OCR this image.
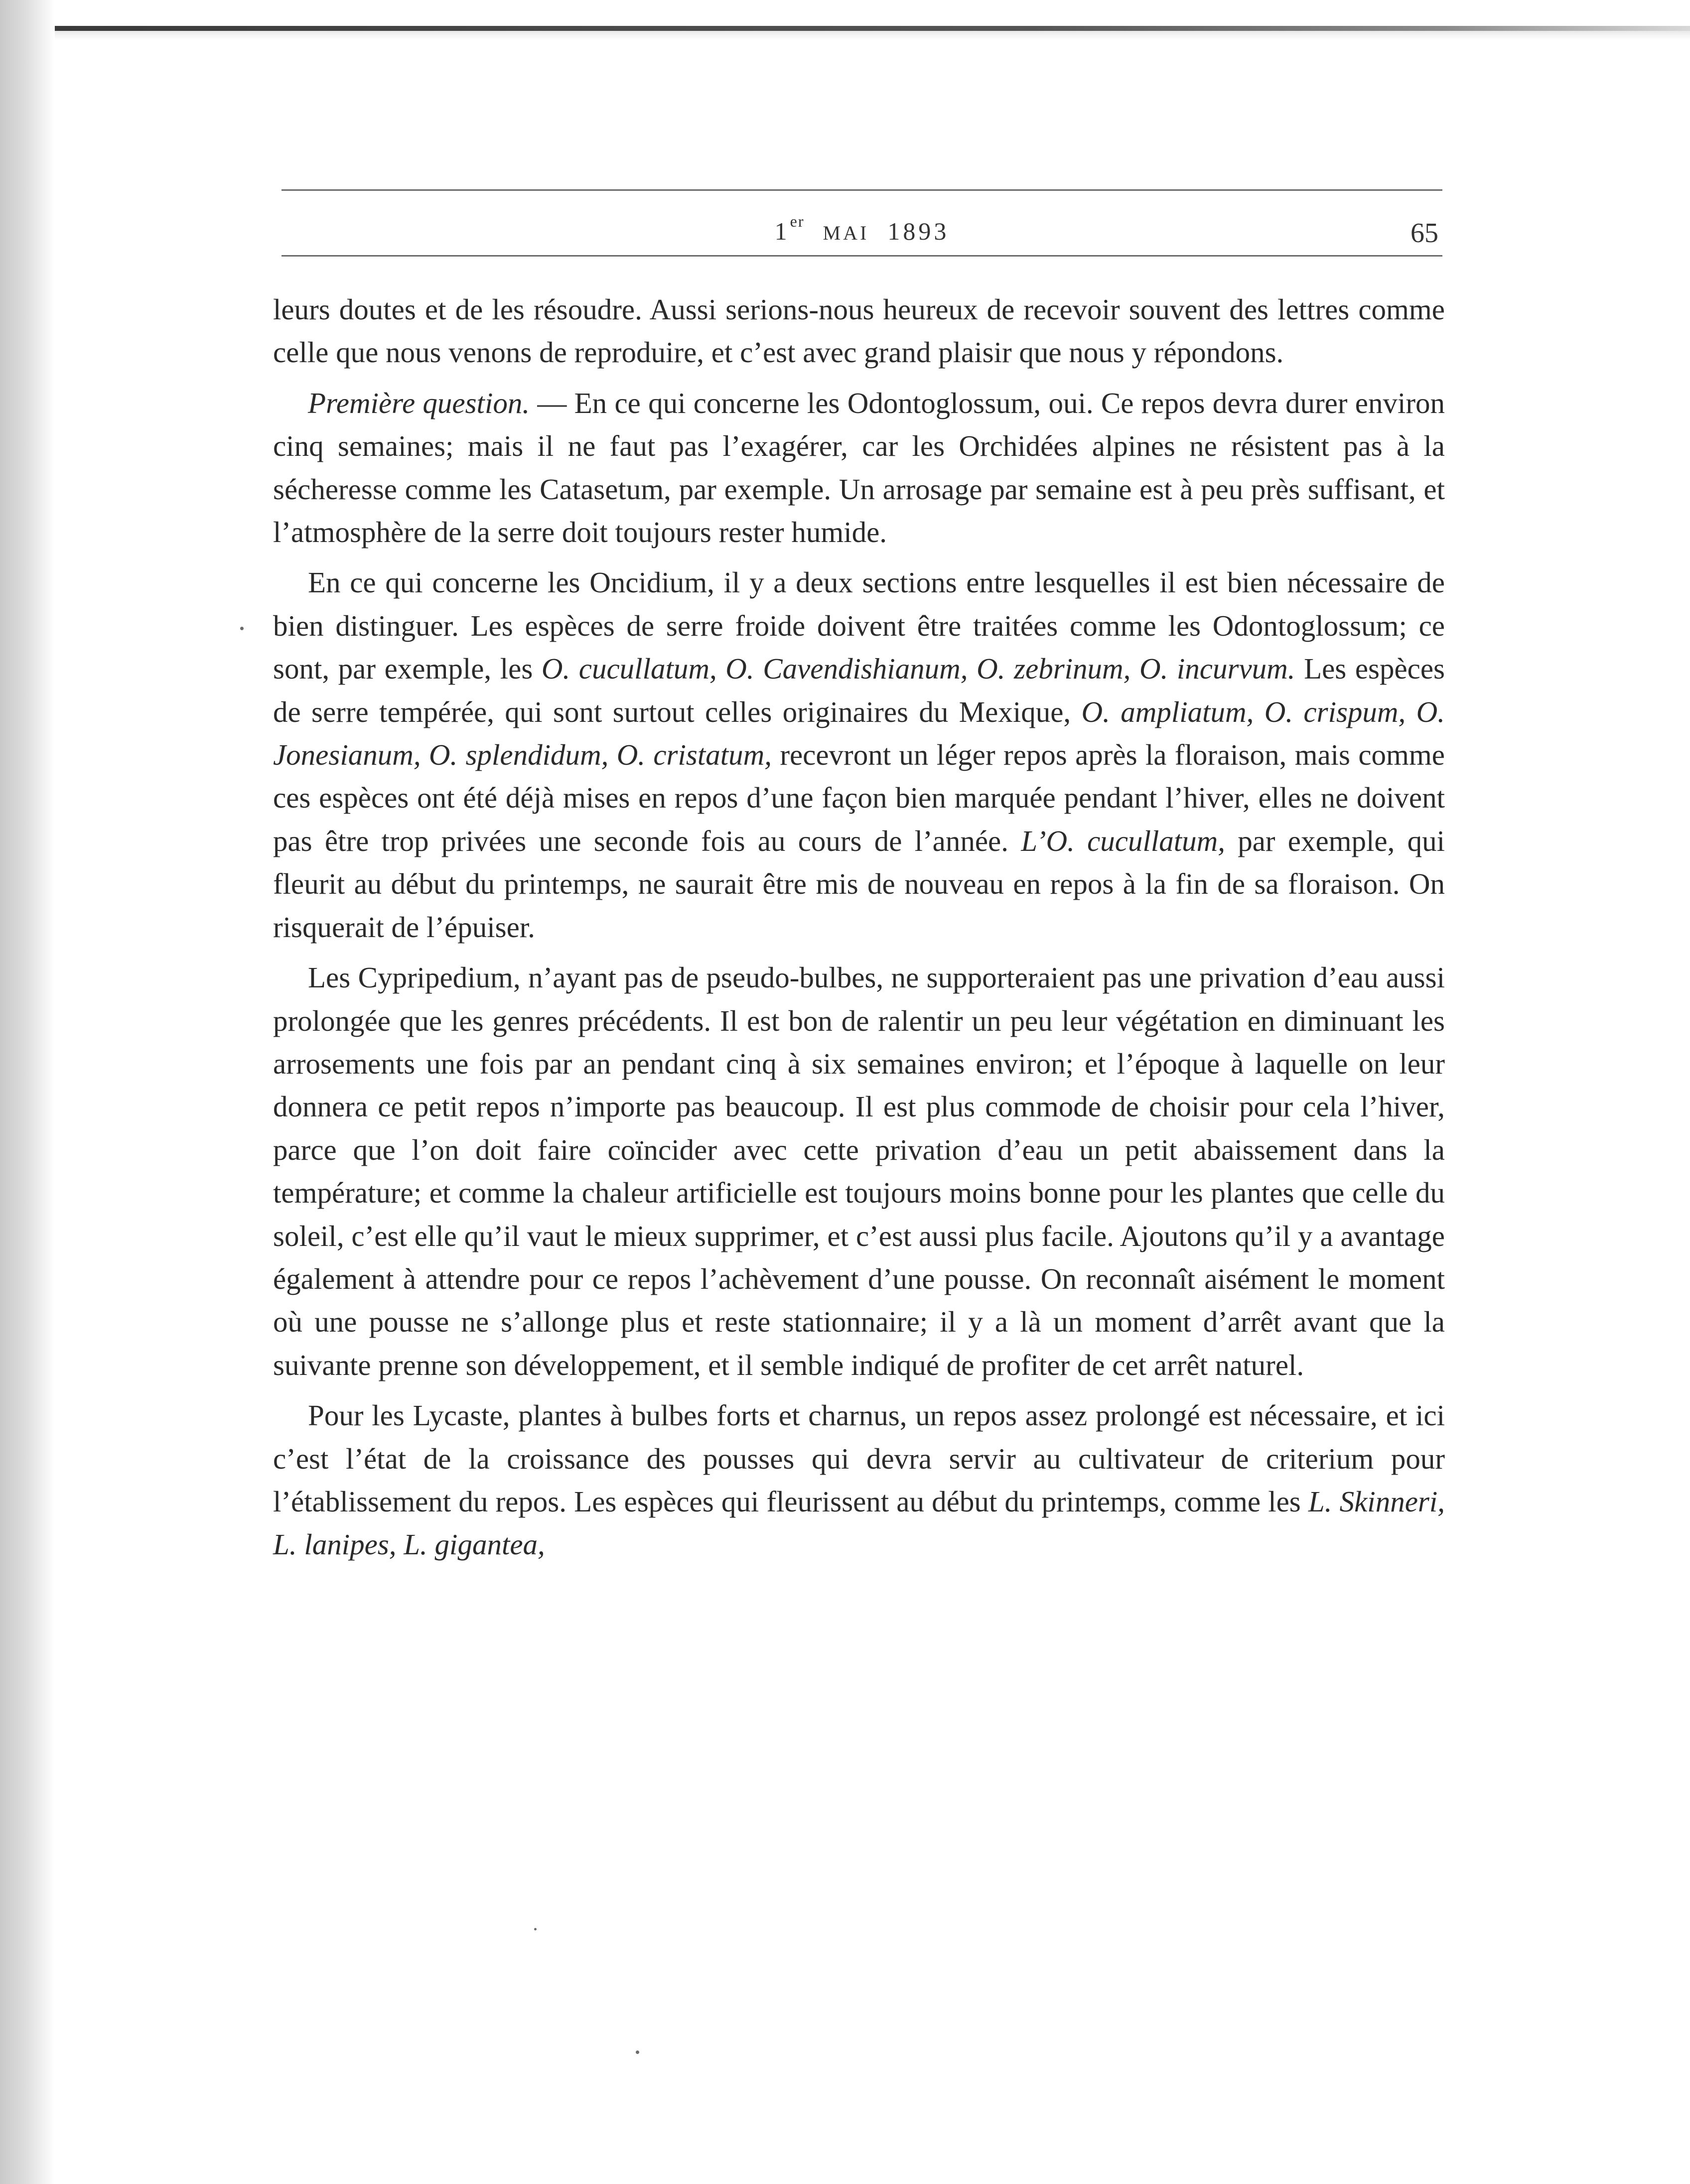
1er  MAI 1893	65

leurs doutes et de les résoudre. Aussi serions-nous heureux de recevoir souvent des lettres comme celle que nous venons de reproduire, et c’est avec grand plaisir que nous y répondons.

Première question. — En ce qui concerne les Odontoglossum, oui. Ce repos devra durer environ cinq semaines; mais il ne faut pas l’exagérer, car les Orchidées alpines ne résistent pas à la sécheresse comme les Catasetum, par exemple. Un arrosage par semaine est à peu près suffisant, et l’atmosphère de la serre doit toujours rester humide.

En ce qui concerne les Oncidium, il y a deux sections entre lesquelles il est bien nécessaire de bien distinguer. Les espèces de serre froide doivent être traitées comme les Odontoglossum; ce sont, par exemple, les O. cucullatum, O. Cavendishianum, O. zebrinum, O. incurvum. Les espèces de serre tempérée, qui sont surtout celles originaires du Mexique, O. ampliatum, O. crispum, O. Jonesianum, O. splendidum, O. cristatum, recevront un léger repos après la floraison, mais comme ces espèces ont été déjà mises en repos d’une façon bien marquée pendant l’hiver, elles ne doivent pas être trop privées une seconde fois au cours de l’année. L’O. cucullatum, par exemple, qui fleurit au début du printemps, ne saurait être mis de nouveau en repos à la fin de sa floraison. On risquerait de l’épuiser.

Les Cypripedium, n’ayant pas de pseudo-bulbes, ne supporteraient pas une privation d’eau aussi prolongée que les genres précédents. Il est bon de ralentir un peu leur végétation en diminuant les arrosements une fois par an pendant cinq à six semaines environ; et l’époque à laquelle on leur donnera ce petit repos n’importe pas beaucoup. Il est plus commode de choisir pour cela l’hiver, parce que l’on doit faire coïncider avec cette privation d’eau un petit abaissement dans la température; et comme la chaleur artificielle est toujours moins bonne pour les plantes que celle du soleil, c’est elle qu’il vaut le mieux supprimer, et c’est aussi plus facile. Ajoutons qu’il y a avantage également à attendre pour ce repos l’achèvement d’une pousse. On reconnaît aisément le moment où une pousse ne s’allonge plus et reste stationnaire; il y a là un moment d’arrêt avant que la suivante prenne son développement, et il semble indiqué de profiter de cet arrêt naturel.

Pour les Lycaste, plantes à bulbes forts et charnus, un repos assez prolongé est nécessaire, et ici c’est l’état de la croissance des pousses qui devra servir au cultivateur de criterium pour l’établissement du repos. Les espèces qui fleurissent au début du printemps, comme les L. Skinneri, L. lanipes, L. gigantea,
